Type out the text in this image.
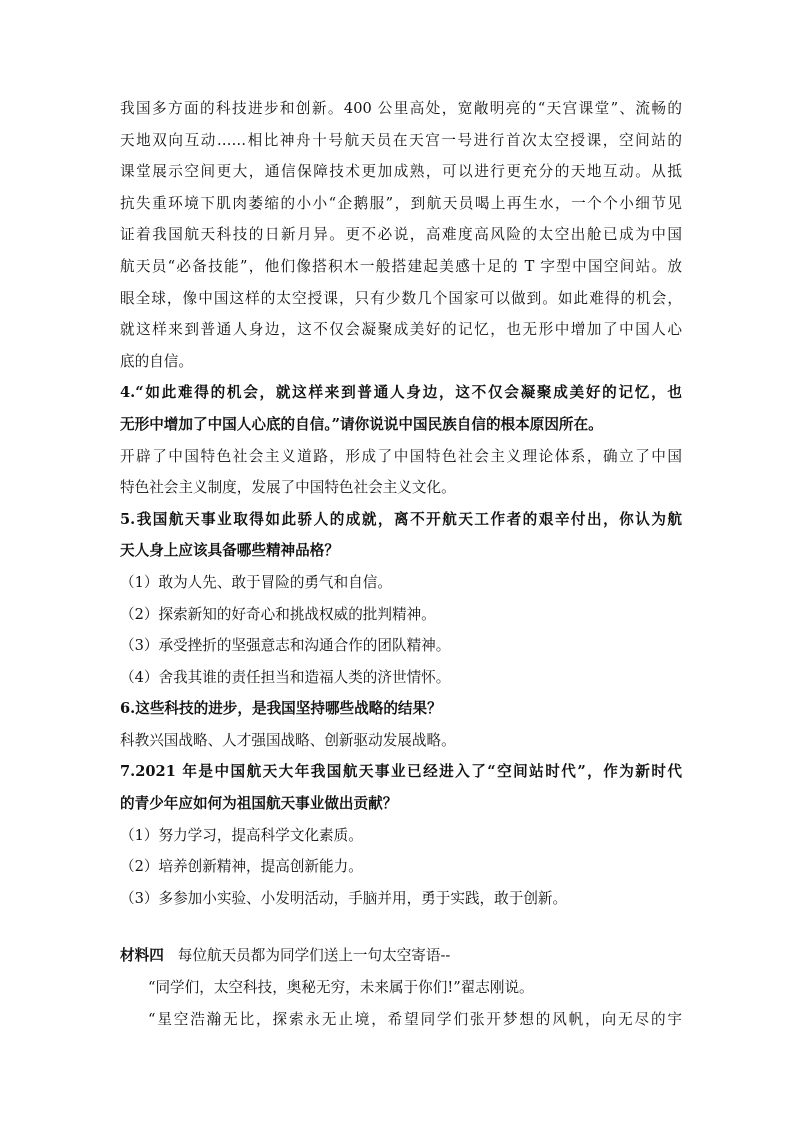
我国多方面的科技进步和创新。400 公里高处，宽敞明亮的“天宫课堂”、流畅的
天地双向互动……相比神舟十号航天员在天宫一号进行首次太空授课，空间站的
课堂展示空间更大，通信保障技术更加成熟，可以进行更充分的天地互动。从抵
抗失重环境下肌肉萎缩的小小“企鹅服”，到航天员喝上再生水，一个个小细节见
证着我国航天科技的日新月异。更不必说，高难度高风险的太空出舱已成为中国
航天员“必备技能”，他们像搭积木一般搭建起美感十足的 T 字型中国空间站。放
眼全球，像中国这样的太空授课，只有少数几个国家可以做到。如此难得的机会，
就这样来到普通人身边，这不仅会凝聚成美好的记忆，也无形中增加了中国人心
底的自信。
4.“如此难得的机会，就这样来到普通人身边，这不仅会凝聚成美好的记忆，也
无形中增加了中国人心底的自信。”请你说说中国民族自信的根本原因所在。
开辟了中国特色社会主义道路，形成了中国特色社会主义理论体系，确立了中国
特色社会主义制度，发展了中国特色社会主义文化。
5.我国航天事业取得如此骄人的成就，离不开航天工作者的艰辛付出，你认为航
天人身上应该具备哪些精神品格？
（1）敢为人先、敢于冒险的勇气和自信。
（2）探索新知的好奇心和挑战权威的批判精神。
（3）承受挫折的坚强意志和沟通合作的团队精神。
（4）舍我其谁的责任担当和造福人类的济世情怀。
6.这些科技的进步，是我国坚持哪些战略的结果？
科教兴国战略、人才强国战略、创新驱动发展战略。
7.2021 年是中国航天大年我国航天事业已经进入了“空间站时代”，作为新时代
的青少年应如何为祖国航天事业做出贡献？
（1）努力学习，提高科学文化素质。
（2）培养创新精神，提高创新能力。
（3）多参加小实验、小发明活动，手脑并用，勇于实践，敢于创新。
材料四 每位航天员都为同学们送上一句太空寄语--
“同学们，太空科技，奥秘无穷，未来属于你们!”翟志刚说。
“星空浩瀚无比，探索永无止境，希望同学们张开梦想的风帆，向无尽的宇
